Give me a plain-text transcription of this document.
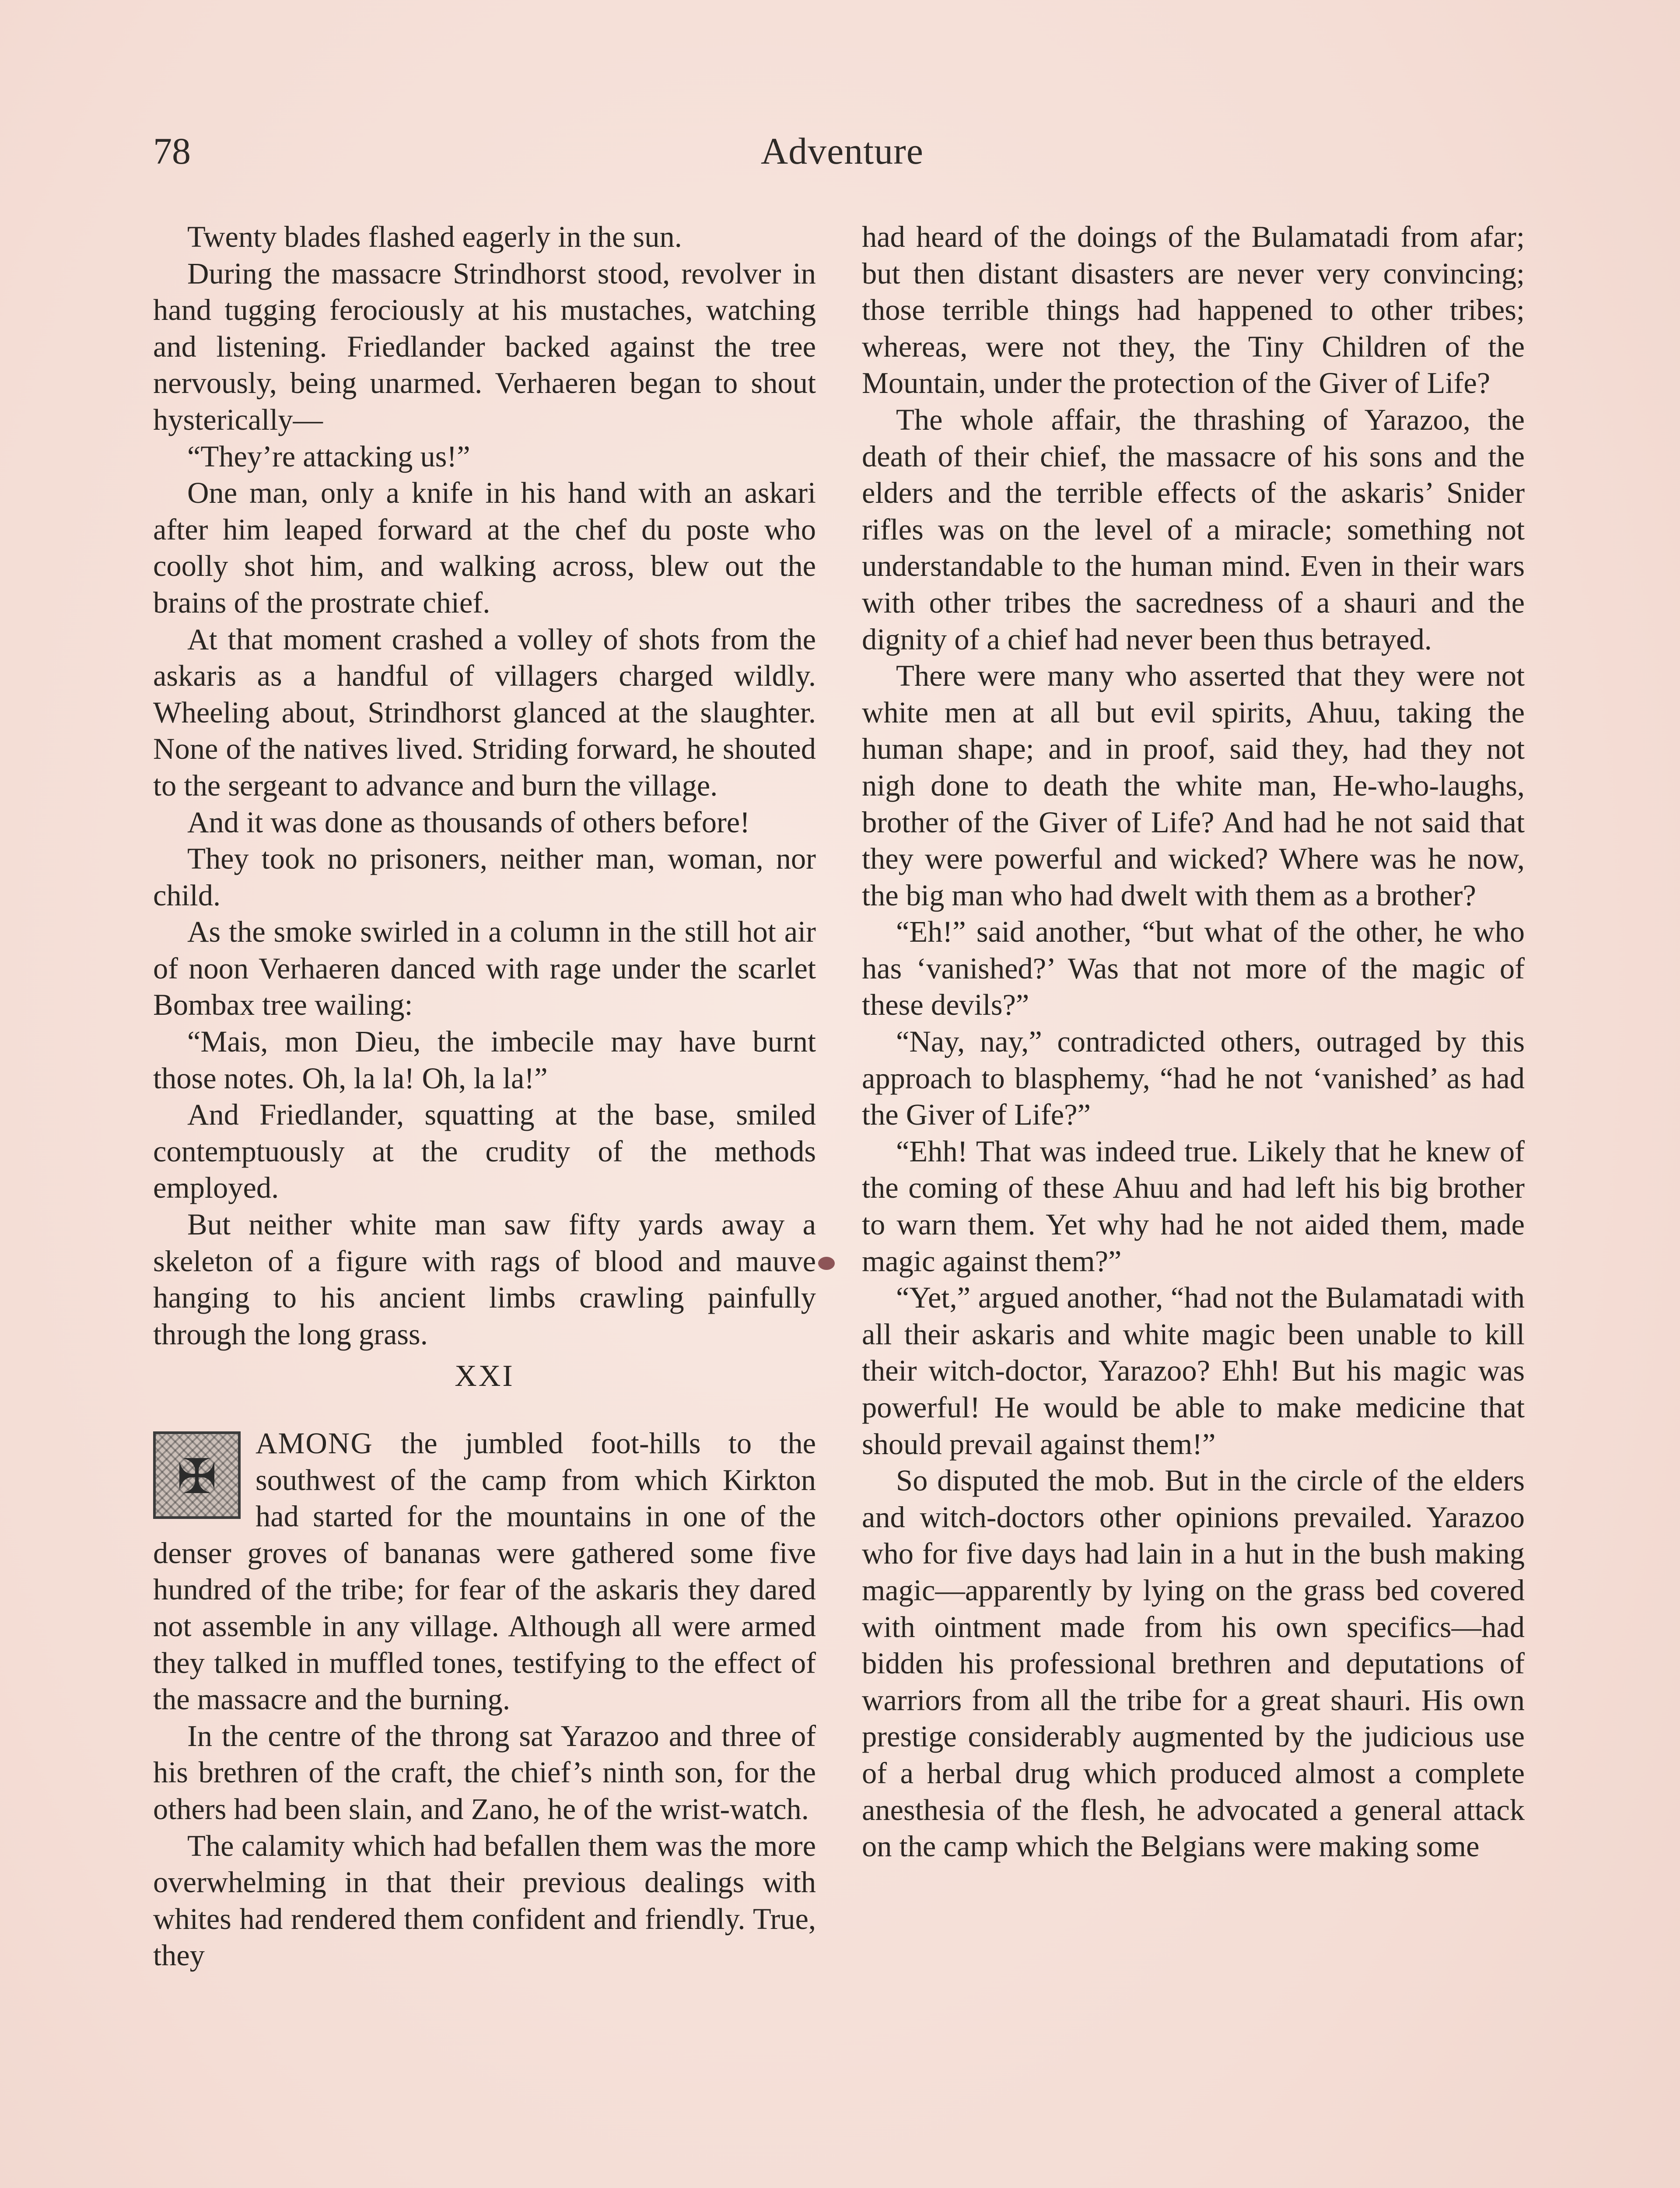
78	Adventure

Twenty blades flashed eagerly in the sun.

During the massacre Strindhorst stood, revolver in hand tugging ferociously at his mustaches, watching and listening. Friedlander backed against the tree nervously, being unarmed. Verhaeren began to shout hysterically—

“They’re attacking us!”

One man, only a knife in his hand with an askari after him leaped forward at the chef du poste who coolly shot him, and walking across, blew out the brains of the prostrate chief.

At that moment crashed a volley of shots from the askaris as a handful of villagers charged wildly. Wheeling about, Strindhorst glanced at the slaughter. None of the natives lived. Striding forward, he shouted to the sergeant to advance and burn the village.

And it was done as thousands of others before!

They took no prisoners, neither man, woman, nor child.

As the smoke swirled in a column in the still hot air of noon Verhaeren danced with rage under the scarlet Bombax tree wailing:

“Mais, mon Dieu, the imbecile may have burnt those notes. Oh, la la! Oh, la la!”

And Friedlander, squatting at the base, smiled contemptuously at the crudity of the methods employed.

But neither white man saw fifty yards away a skeleton of a figure with rags of blood and mauve hanging to his ancient limbs crawling painfully through the long grass.

XXI

✠
AMONG the jumbled foot-hills to the southwest of the camp from which Kirkton had started for the mountains in one of the denser groves of bananas were gathered some five hundred of the tribe; for fear of the askaris they dared not assemble in any village. Although all were armed they talked in muffled tones, testifying to the effect of the massacre and the burning.

In the centre of the throng sat Yarazoo and three of his brethren of the craft, the chief’s ninth son, for the others had been slain, and Zano, he of the wrist-watch.

The calamity which had befallen them was the more overwhelming in that their previous dealings with whites had rendered them confident and friendly. True, they

had heard of the doings of the Bulamatadi from afar; but then distant disasters are never very convincing; those terrible things had happened to other tribes; whereas, were not they, the Tiny Children of the Mountain, under the protection of the Giver of Life?

The whole affair, the thrashing of Yarazoo, the death of their chief, the massacre of his sons and the elders and the terrible effects of the askaris’ Snider rifles was on the level of a miracle; something not understandable to the human mind. Even in their wars with other tribes the sacredness of a shauri and the dignity of a chief had never been thus betrayed.

There were many who asserted that they were not white men at all but evil spirits, Ahuu, taking the human shape; and in proof, said they, had they not nigh done to death the white man, He-who-laughs, brother of the Giver of Life? And had he not said that they were powerful and wicked? Where was he now, the big man who had dwelt with them as a brother?

“Eh!” said another, “but what of the other, he who has ‘vanished?’ Was that not more of the magic of these devils?”

“Nay, nay,” contradicted others, outraged by this approach to blasphemy, “had he not ‘vanished’ as had the Giver of Life?”

“Ehh! That was indeed true. Likely that he knew of the coming of these Ahuu and had left his big brother to warn them. Yet why had he not aided them, made magic against them?”

“Yet,” argued another, “had not the Bulamatadi with all their askaris and white magic been unable to kill their witch-doctor, Yarazoo? Ehh! But his magic was powerful! He would be able to make medicine that should prevail against them!”

So disputed the mob. But in the circle of the elders and witch-doctors other opinions prevailed. Yarazoo who for five days had lain in a hut in the bush making magic—apparently by lying on the grass bed covered with ointment made from his own specifics—had bidden his professional brethren and deputations of warriors from all the tribe for a great shauri. His own prestige considerably augmented by the judicious use of a herbal drug which produced almost a complete anesthesia of the flesh, he advocated a general attack on the camp which the Belgians were making some
